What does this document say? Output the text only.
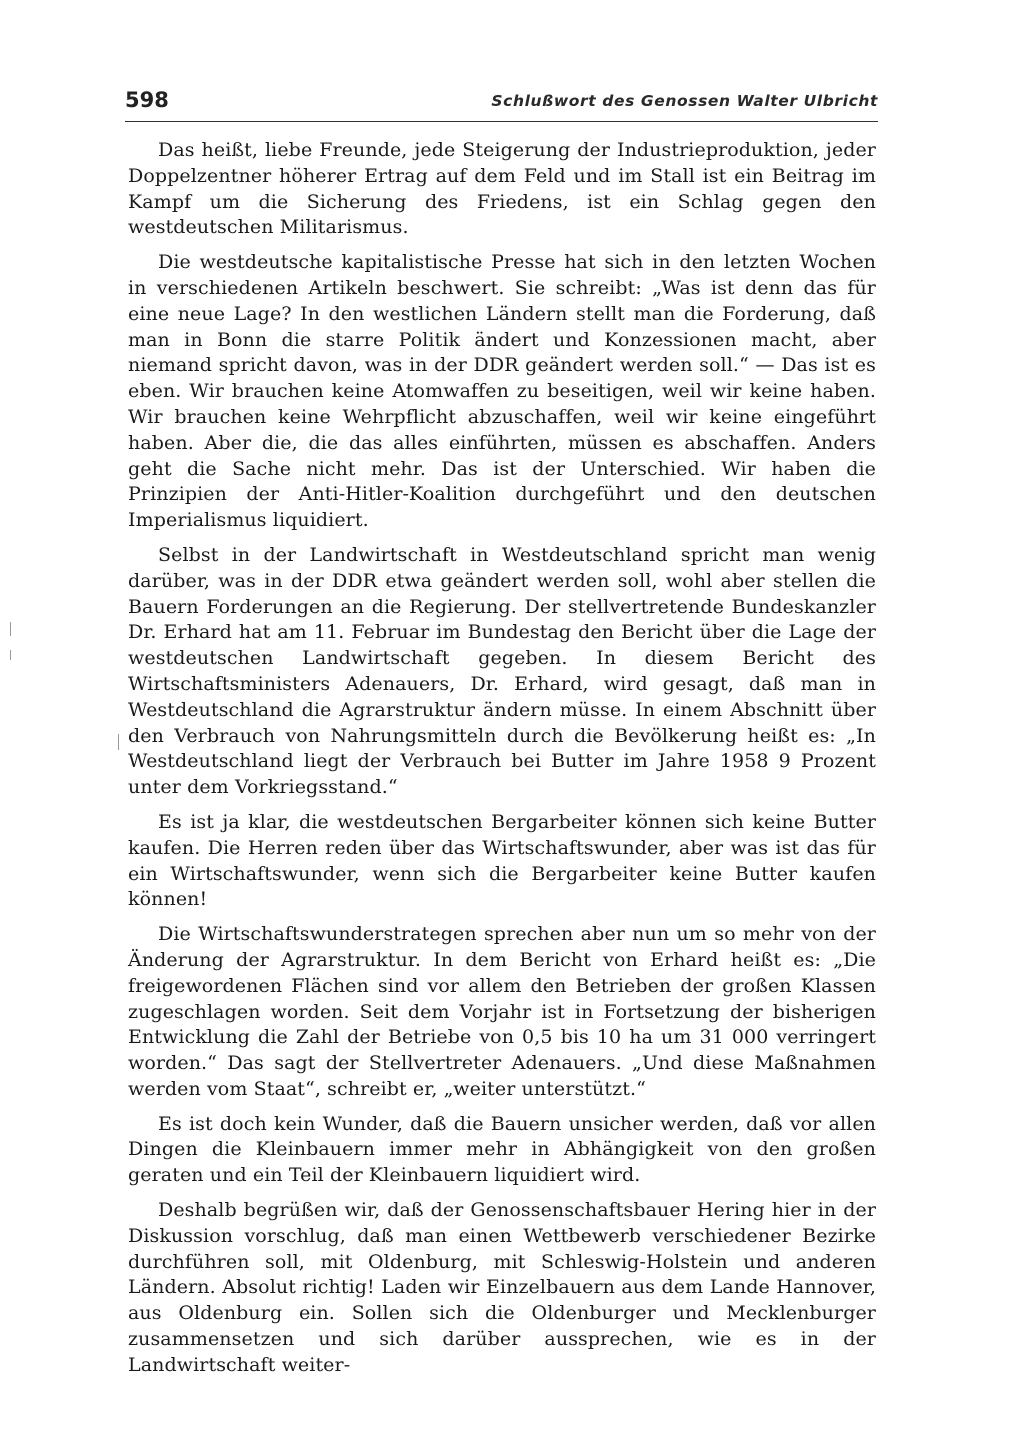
598	Schlußwort des Genossen Walter Ulbricht

Das heißt, liebe Freunde, jede Steigerung der Industrieproduktion, jeder Doppelzentner höherer Ertrag auf dem Feld und im Stall ist ein Beitrag im Kampf um die Sicherung des Friedens, ist ein Schlag gegen den westdeutschen Militarismus.

Die westdeutsche kapitalistische Presse hat sich in den letzten Wochen in verschiedenen Artikeln beschwert. Sie schreibt: „Was ist denn das für eine neue Lage? In den westlichen Ländern stellt man die Forderung, daß man in Bonn die starre Politik ändert und Konzessionen macht, aber niemand spricht davon, was in der DDR geändert werden soll.“ — Das ist es eben. Wir brauchen keine Atomwaffen zu beseitigen, weil wir keine haben. Wir brauchen keine Wehrpflicht abzuschaffen, weil wir keine eingeführt haben. Aber die, die das alles einführten, müssen es abschaffen. Anders geht die Sache nicht mehr. Das ist der Unterschied. Wir haben die Prinzipien der Anti-Hitler-Koalition durchgeführt und den deutschen Imperialismus liquidiert.

Selbst in der Landwirtschaft in Westdeutschland spricht man wenig darüber, was in der DDR etwa geändert werden soll, wohl aber stellen die Bauern Forderungen an die Regierung. Der stellvertretende Bundeskanzler Dr. Erhard hat am 11. Februar im Bundestag den Bericht über die Lage der westdeutschen Landwirtschaft gegeben. In diesem Bericht des Wirtschaftsministers Adenauers, Dr. Erhard, wird gesagt, daß man in Westdeutschland die Agrarstruktur ändern müsse. In einem Abschnitt über den Verbrauch von Nahrungsmitteln durch die Bevölkerung heißt es: „In Westdeutschland liegt der Verbrauch bei Butter im Jahre 1958 9 Prozent unter dem Vorkriegsstand.“

Es ist ja klar, die westdeutschen Bergarbeiter können sich keine Butter kaufen. Die Herren reden über das Wirtschaftswunder, aber was ist das für ein Wirtschaftswunder, wenn sich die Bergarbeiter keine Butter kaufen können!

Die Wirtschaftswunderstrategen sprechen aber nun um so mehr von der Änderung der Agrarstruktur. In dem Bericht von Erhard heißt es: „Die freigewordenen Flächen sind vor allem den Betrieben der großen Klassen zugeschlagen worden. Seit dem Vorjahr ist in Fortsetzung der bisherigen Entwicklung die Zahl der Betriebe von 0,5 bis 10 ha um 31 000 verringert worden.“ Das sagt der Stellvertreter Adenauers. „Und diese Maßnahmen werden vom Staat“, schreibt er, „weiter unterstützt.“

Es ist doch kein Wunder, daß die Bauern unsicher werden, daß vor allen Dingen die Kleinbauern immer mehr in Abhängigkeit von den großen geraten und ein Teil der Kleinbauern liquidiert wird.

Deshalb begrüßen wir, daß der Genossenschaftsbauer Hering hier in der Diskussion vorschlug, daß man einen Wettbewerb verschiedener Bezirke durchführen soll, mit Oldenburg, mit Schleswig-Holstein und anderen Ländern. Absolut richtig! Laden wir Einzelbauern aus dem Lande Hannover, aus Oldenburg ein. Sollen sich die Oldenburger und Mecklenburger zusammensetzen und sich darüber aussprechen, wie es in der Landwirtschaft weiter-
